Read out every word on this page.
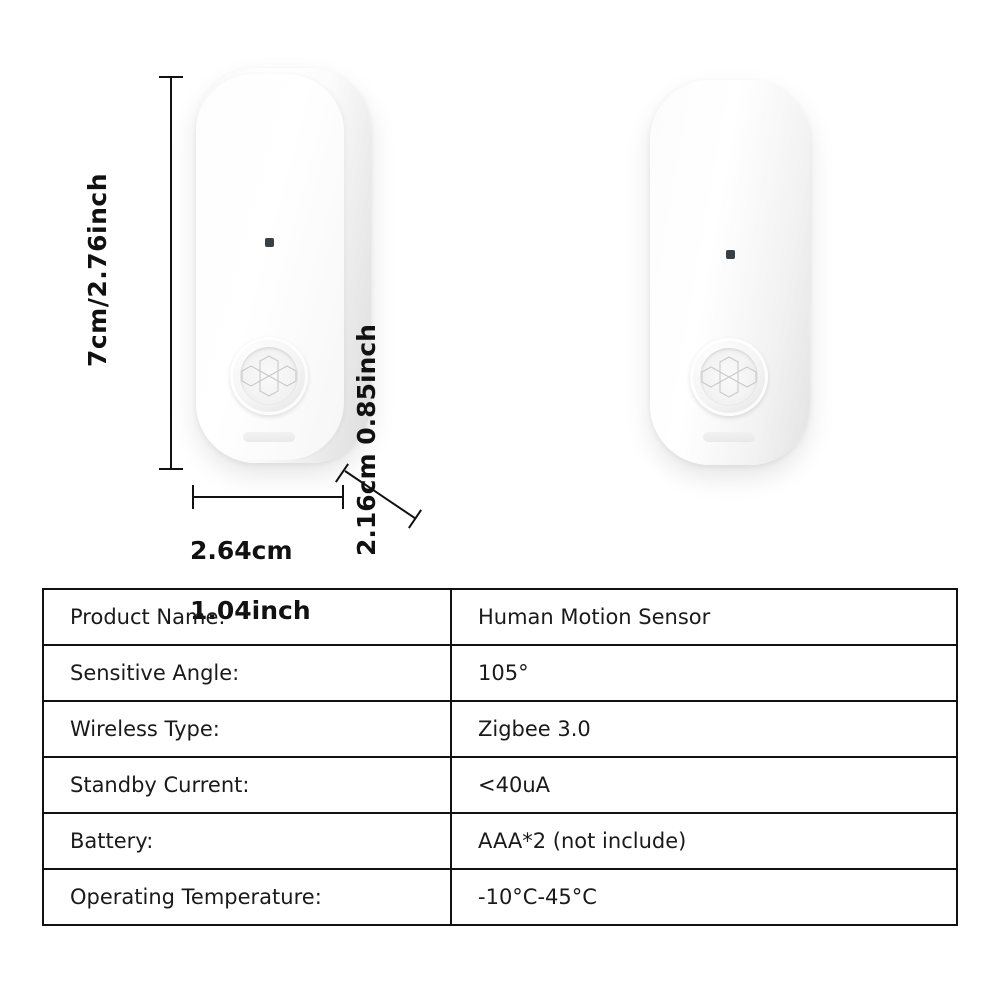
7cm/2.76inch

2.64cm

1.04inch

2.16cm 0.85inch
Product Name:	Human Motion Sensor
Sensitive Angle:	105°
Wireless Type:	Zigbee 3.0
Standby Current:	<40uA
Battery:	AAA*2 (not include)
Operating Temperature:	-10°C-45°C
